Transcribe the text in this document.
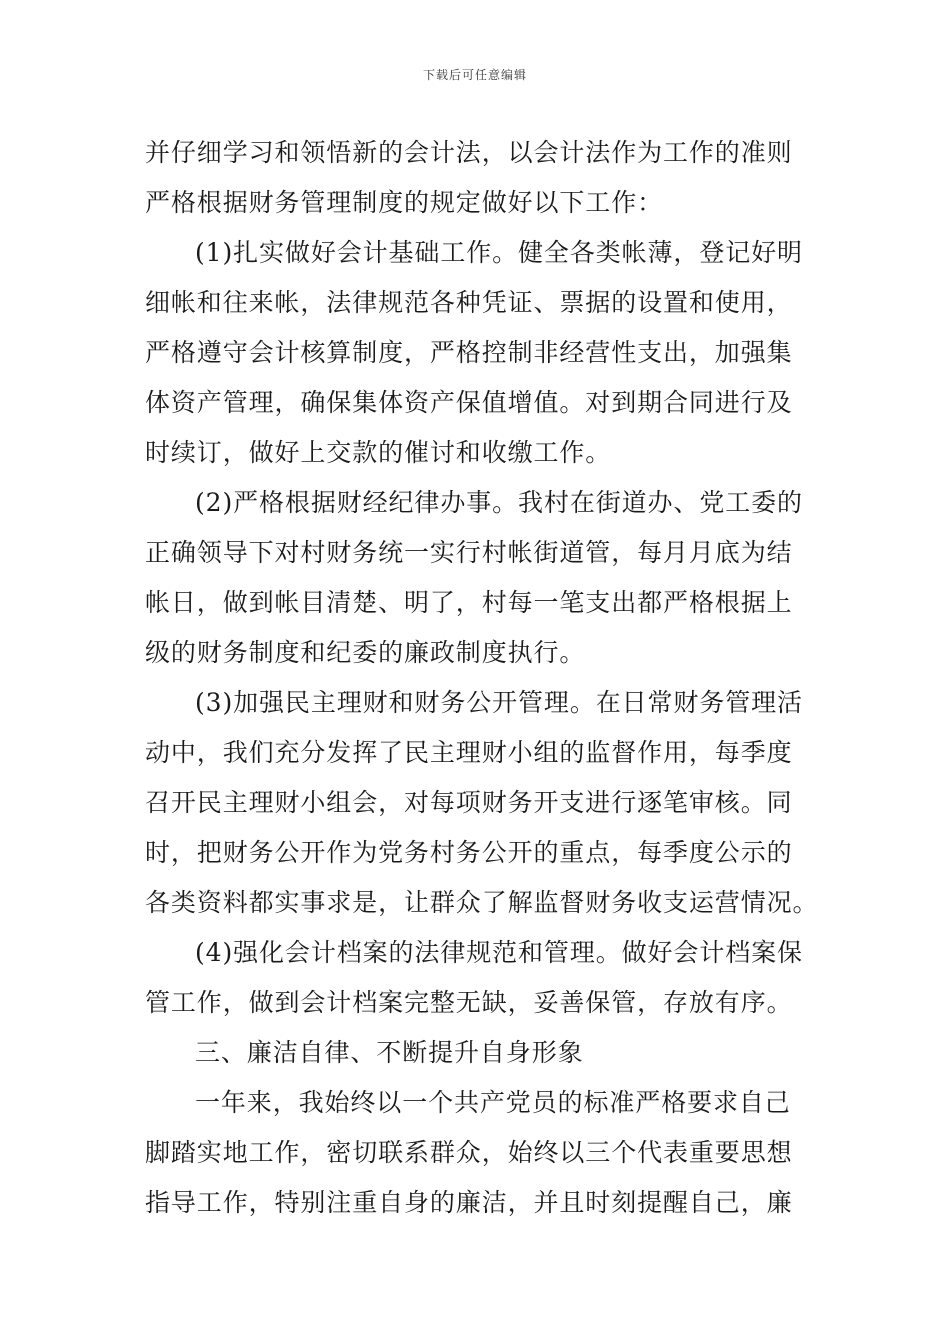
下载后可任意编辑
并仔细学习和领悟新的会计法，以会计法作为工作的准则
严格根据财务管理制度的规定做好以下工作：
(1)扎实做好会计基础工作。健全各类帐薄，登记好明
细帐和往来帐，法律规范各种凭证、票据的设置和使用，
严格遵守会计核算制度，严格控制非经营性支出，加强集
体资产管理，确保集体资产保值增值。对到期合同进行及
时续订，做好上交款的催讨和收缴工作。
(2)严格根据财经纪律办事。我村在街道办、党工委的
正确领导下对村财务统一实行村帐街道管，每月月底为结
帐日，做到帐目清楚、明了，村每一笔支出都严格根据上
级的财务制度和纪委的廉政制度执行。
(3)加强民主理财和财务公开管理。在日常财务管理活
动中，我们充分发挥了民主理财小组的监督作用，每季度
召开民主理财小组会，对每项财务开支进行逐笔审核。同
时，把财务公开作为党务村务公开的重点，每季度公示的
各类资料都实事求是，让群众了解监督财务收支运营情况。
(4)强化会计档案的法律规范和管理。做好会计档案保
管工作，做到会计档案完整无缺，妥善保管，存放有序。
三、廉洁自律、不断提升自身形象
一年来，我始终以一个共产党员的标准严格要求自己
脚踏实地工作，密切联系群众，始终以三个代表重要思想
指导工作，特别注重自身的廉洁，并且时刻提醒自己，廉
